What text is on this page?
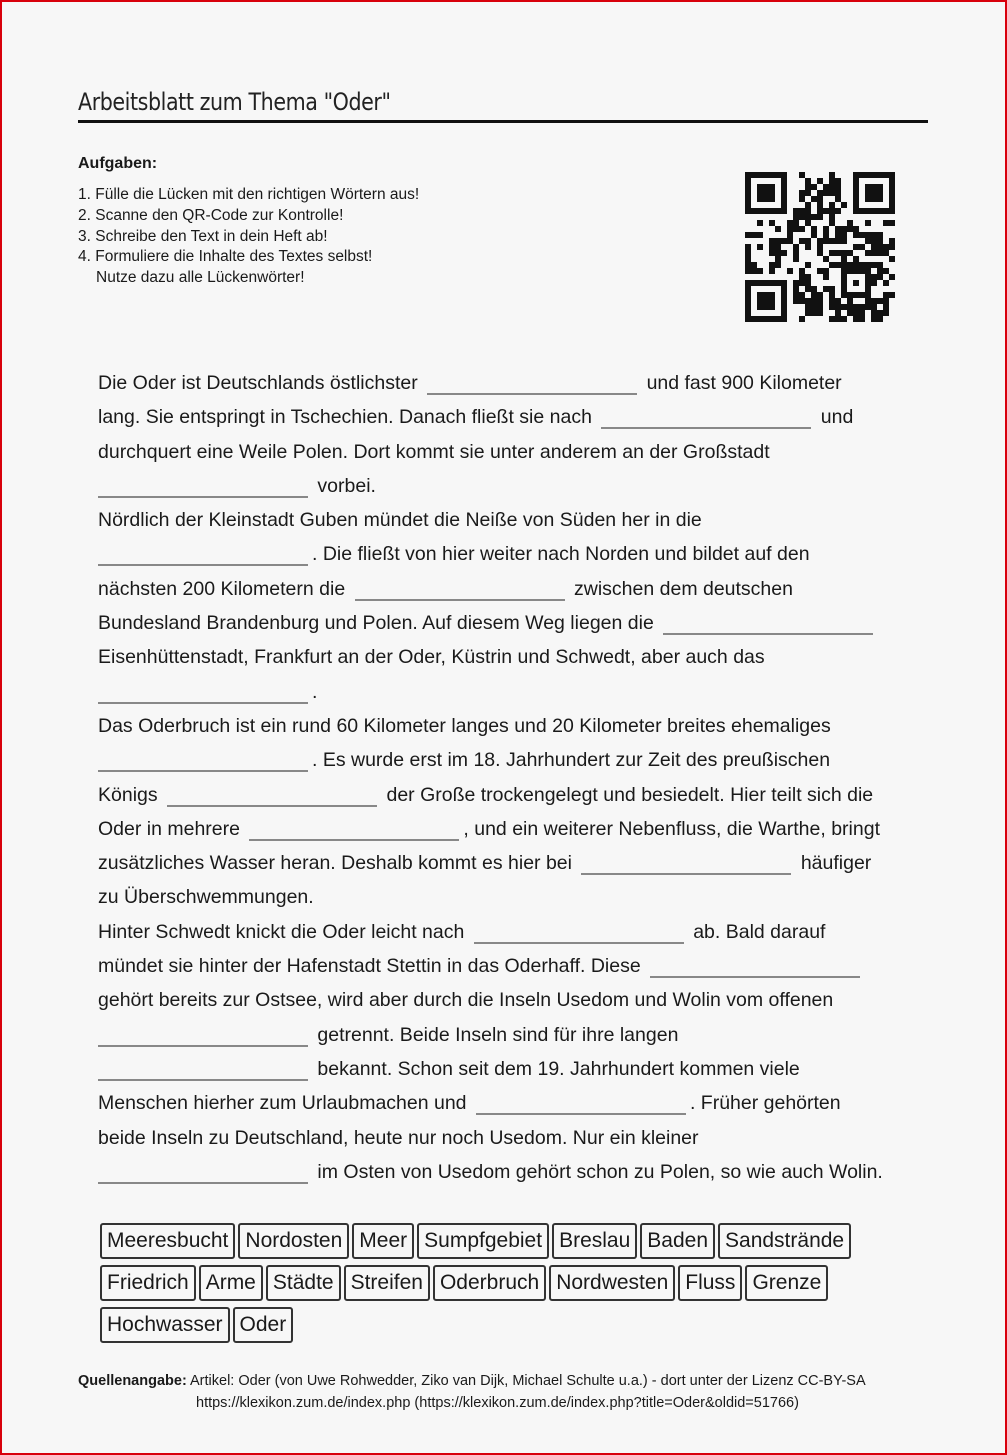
Arbeitsblatt zum Thema "Oder"
Aufgaben:
1. Fülle die Lücken mit den richtigen Wörtern aus!
2. Scanne den QR-Code zur Kontrolle!
3. Schreibe den Text in dein Heft ab!
4. Formuliere die Inhalte des Textes selbst!
Nutze dazu alle Lückenwörter!
Die Oder ist Deutschlands östlichster	und fast 900 Kilometer
lang. Sie entspringt in Tschechien. Danach fließt sie nach	und
durchquert eine Weile Polen. Dort kommt sie unter anderem an der Großstadt
vorbei.
Nördlich der Kleinstadt Guben mündet die Neiße von Süden her in die
. Die fließt von hier weiter nach Norden und bildet auf den
nächsten 200 Kilometern die	zwischen dem deutschen
Bundesland Brandenburg und Polen. Auf diesem Weg liegen die
Eisenhüttenstadt, Frankfurt an der Oder, Küstrin und Schwedt, aber auch das
.
Das Oderbruch ist ein rund 60 Kilometer langes und 20 Kilometer breites ehemaliges
. Es wurde erst im 18. Jahrhundert zur Zeit des preußischen
Königs	der Große trockengelegt und besiedelt. Hier teilt sich die
Oder in mehrere	, und ein weiterer Nebenfluss, die Warthe, bringt
zusätzliches Wasser heran. Deshalb kommt es hier bei	häufiger
zu Überschwemmungen.
Hinter Schwedt knickt die Oder leicht nach	ab. Bald darauf
mündet sie hinter der Hafenstadt Stettin in das Oderhaff. Diese
gehört bereits zur Ostsee, wird aber durch die Inseln Usedom und Wolin vom offenen
getrennt. Beide Inseln sind für ihre langen
bekannt. Schon seit dem 19. Jahrhundert kommen viele
Menschen hierher zum Urlaubmachen und	. Früher gehörten
beide Inseln zu Deutschland, heute nur noch Usedom. Nur ein kleiner
im Osten von Usedom gehört schon zu Polen, so wie auch Wolin.
Meeresbucht Nordosten Meer Sumpfgebiet Breslau Baden Sandstrände
Friedrich Arme Städte Streifen Oderbruch Nordwesten Fluss Grenze
Hochwasser Oder
Quellenangabe: Artikel: Oder (von Uwe Rohwedder, Ziko van Dijk, Michael Schulte u.a.) - dort unter der Lizenz CC-BY-SA
https://klexikon.zum.de/index.php (https://klexikon.zum.de/index.php?title=Oder&oldid=51766)
